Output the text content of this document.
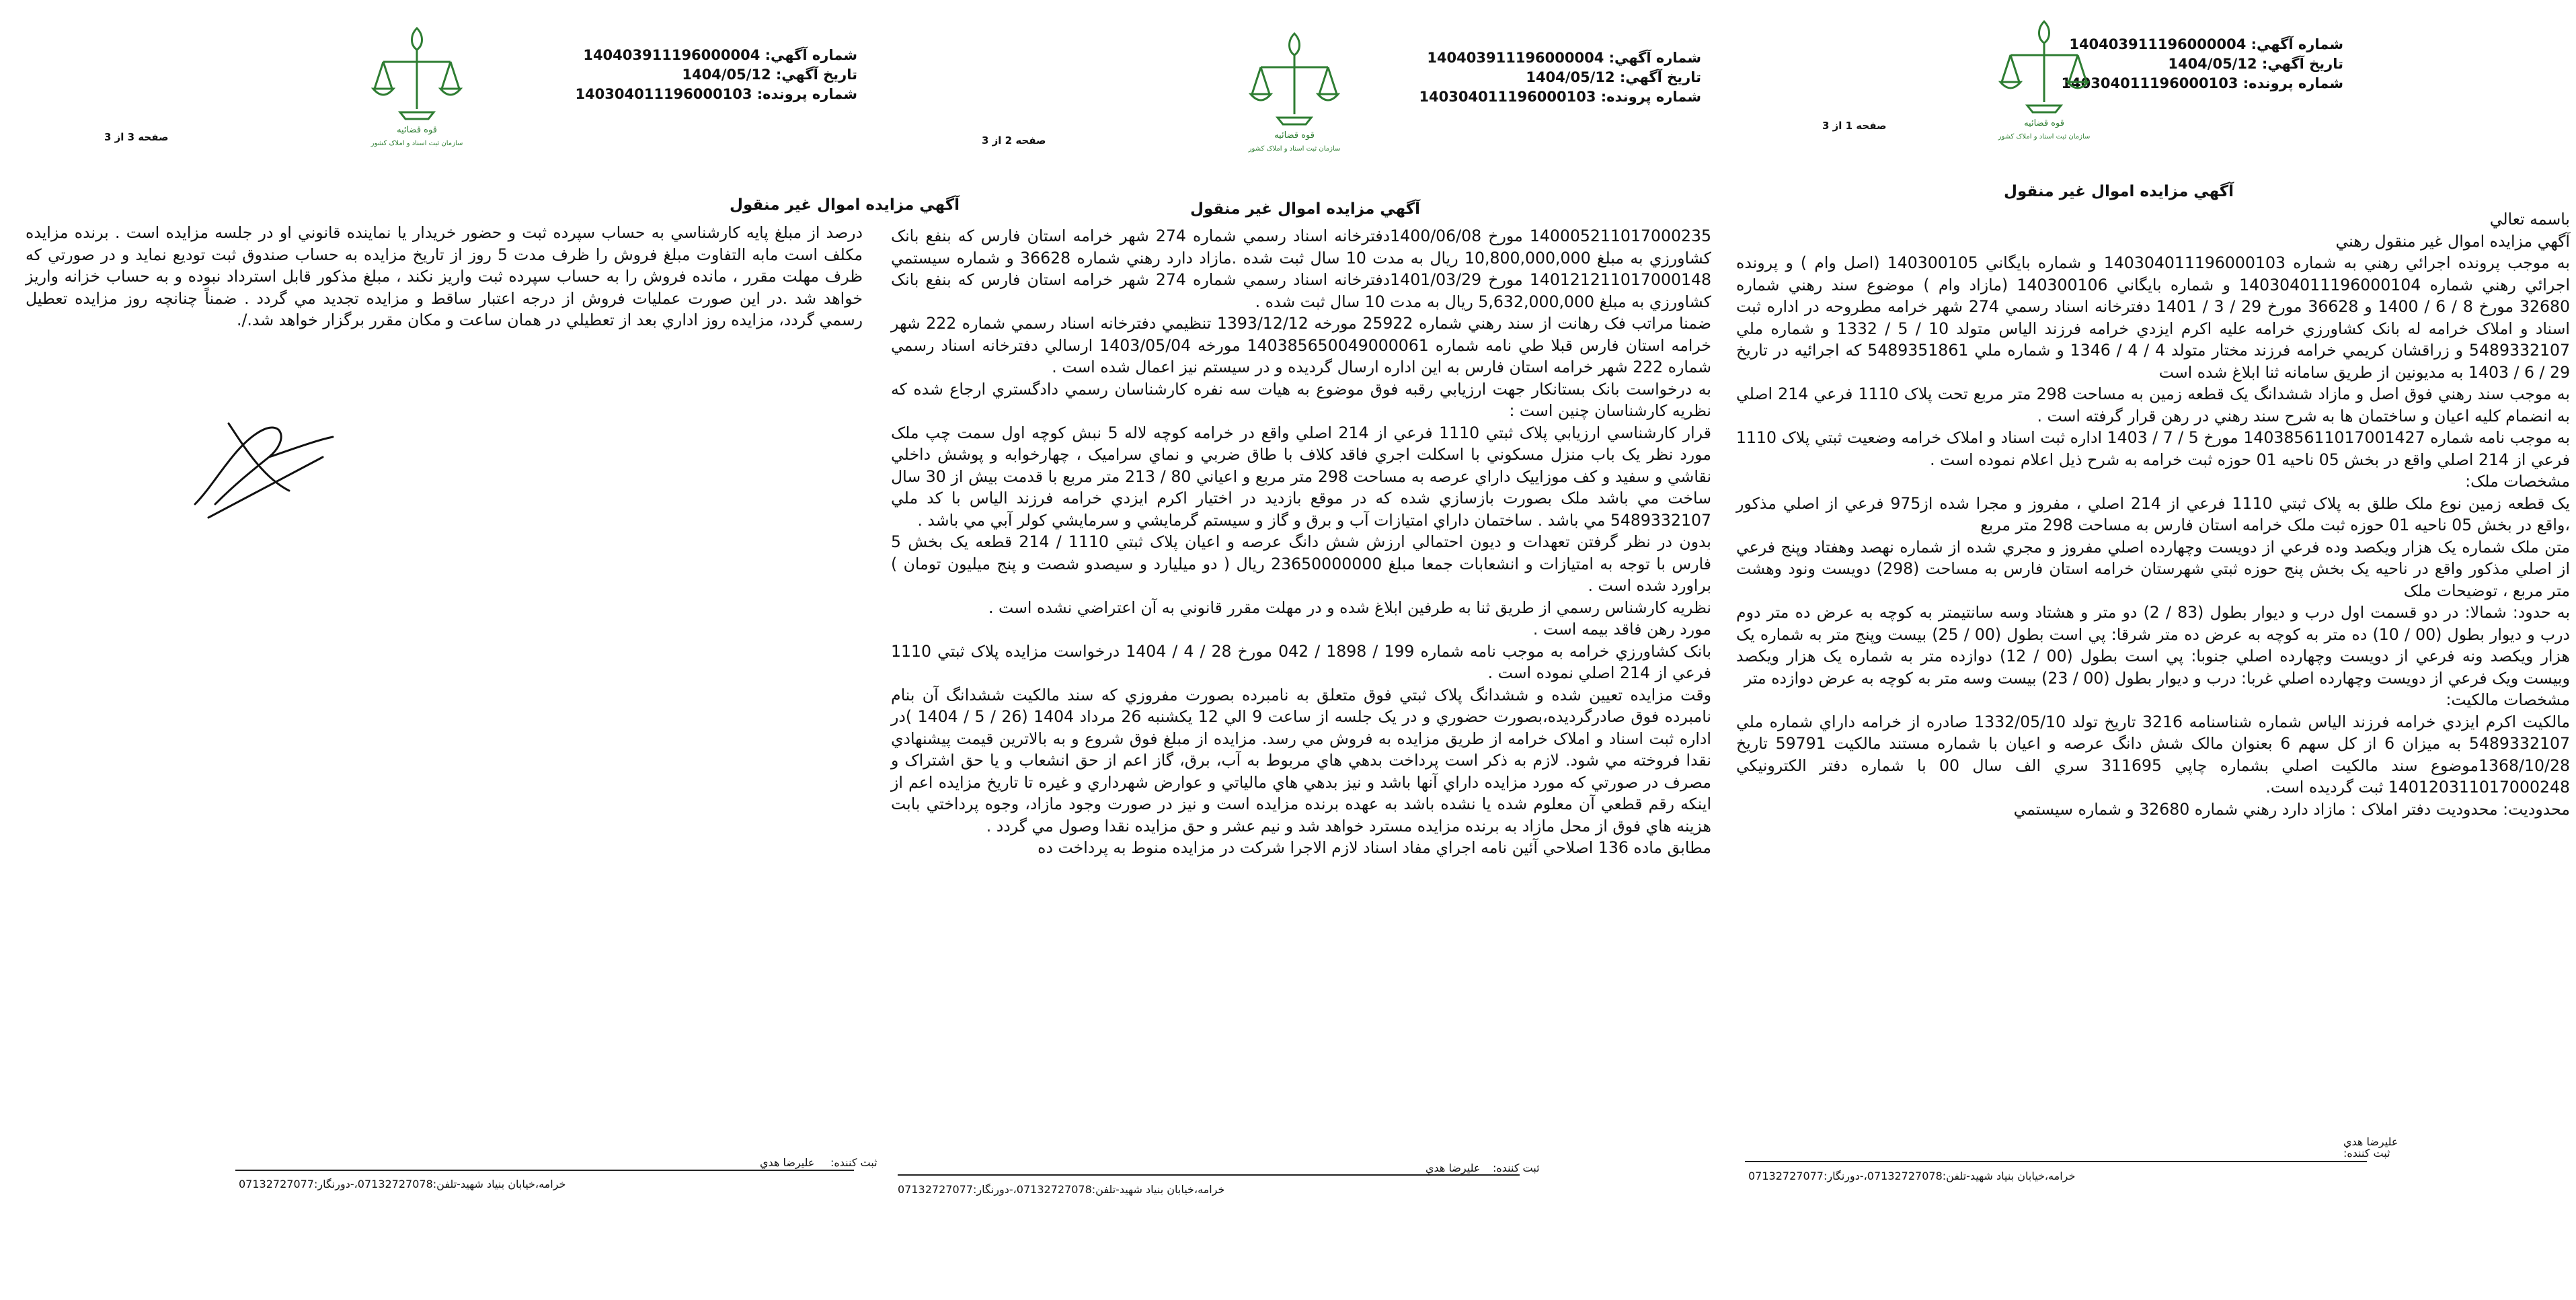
شماره آگهي: 140403911196000004
تاريخ آگهي: 1404/05/12
شماره پرونده: 140304011196000103
قوه قضائيه
سازمان ثبت اسناد و املاک کشور
صفحه 1 از 3
آگهي مزايده اموال غير منقول

باسمه تعالي

آگهي مزايده اموال غير منقول رهني

به موجب پرونده اجرائي رهني به شماره 140304011196000103 و شماره بايگاني 140300105 (اصل وام ) و پرونده اجرائي رهني شماره 140304011196000104 و شماره بايگاني 140300106 (مازاد وام ) موضوع سند رهني شماره 32680 مورخ 8 / 6 / 1400 و 36628 مورخ 29 / 3 / 1401 دفترخانه اسناد رسمي 274 شهر خرامه مطروحه در اداره ثبت اسناد و املاک خرامه له بانک کشاورزي خرامه عليه اکرم ايزدي خرامه فرزند الياس متولد 10 / 5 / 1332 و شماره ملي 5489332107 و زراقشان کريمي خرامه فرزند مختار متولد 4 / 4 / 1346 و شماره ملي 5489351861 که اجرائيه در تاريخ 29 / 6 / 1403 به مديونين از طريق سامانه ثنا ابلاغ شده است

به موجب سند رهني فوق اصل و مازاد ششدانگ يک قطعه زمين به مساحت 298 متر مربع تحت پلاک 1110 فرعي 214 اصلي به انضمام کليه اعيان و ساختمان ها به شرح سند رهني در رهن قرار گرفته است .

به موجب نامه شماره 140385611017001427 مورخ 5 / 7 / 1403 اداره ثبت اسناد و املاک خرامه وضعيت ثبتي پلاک 1110 فرعي از 214 اصلي واقع در بخش 05 ناحيه 01 حوزه ثبت خرامه به شرح ذيل اعلام نموده است .

مشخصات ملک:

يک قطعه زمين نوع ملک طلق به پلاک ثبتي 1110 فرعي از 214 اصلي ، مفروز و مجرا شده از975 فرعي از اصلي مذکور ،واقع در بخش 05 ناحيه 01 حوزه ثبت ملک خرامه استان فارس به مساحت 298 متر مربع

متن ملک شماره يک هزار ويکصد وده فرعي از دويست وچهارده اصلي مفروز و مجري شده از شماره نهصد وهفتاد وپنج فرعي از اصلي مذکور واقع در ناحيه يک بخش پنج حوزه ثبتي شهرستان خرامه استان فارس به مساحت (298) دويست ونود وهشت متر مربع ، توضيحات ملک

به حدود: شمالا: در دو قسمت اول درب و ديوار بطول (83 / 2) دو متر و هشتاد وسه سانتيمتر به کوچه به عرض ده متر دوم درب و ديوار بطول (00 / 10) ده متر به کوچه به عرض ده متر شرقا: پي است بطول (00 / 25) بيست وپنج متر به شماره يک هزار ويکصد ونه فرعي از دويست وچهارده اصلي جنوبا: پي است بطول (00 / 12) دوازده متر به شماره يک هزار ويکصد وبيست ويک فرعي از دويست وچهارده اصلي غربا: درب و ديوار بطول (00 / 23) بيست وسه متر به کوچه به عرض دوازده متر

مشخصات مالکيت:

مالکيت اکرم ايزدي خرامه فرزند الياس شماره شناسنامه 3216 تاريخ تولد 1332/05/10 صادره از خرامه داراي شماره ملي 5489332107 به ميزان 6 از کل سهم 6 بعنوان مالک شش دانگ عرصه و اعيان با شماره مستند مالکيت 59791 تاريخ 1368/10/28موضوع سند مالکيت اصلي بشماره چاپي 311695 سري الف سال 00 با شماره دفتر الکترونيکي 140120311017000248 ثبت گرديده است.

محدوديت: محدوديت دفتر املاک : مازاد دارد رهني شماره 32680 و شماره سيستمي

ثبت کننده:
عليرضا هدي
خرامه،خيابان بنياد شهيد-تلفن:07132727078،-دورنگار:07132727077
شماره آگهي: 140403911196000004
تاريخ آگهي: 1404/05/12
شماره پرونده: 140304011196000103
قوه قضائيه
سازمان ثبت اسناد و املاک کشور
صفحه 2 از 3
آگهي مزايده اموال غير منقول

140005211017000235 مورخ 1400/06/08دفترخانه اسناد رسمي شماره 274 شهر خرامه استان فارس که بنفع بانک کشاورزي به مبلغ 10,800,000,000 ريال به مدت 10 سال ثبت شده .مازاد دارد رهني شماره 36628 و شماره سيستمي 140121211017000148 مورخ 1401/03/29دفترخانه اسناد رسمي شماره 274 شهر خرامه استان فارس که بنفع بانک کشاورزي به مبلغ 5,632,000,000 ريال به مدت 10 سال ثبت شده .

ضمنا مراتب فک رهانت از سند رهني شماره 25922 مورخه 1393/12/12 تنظيمي دفترخانه اسناد رسمي شماره 222 شهر خرامه استان فارس قبلا طي نامه شماره 140385650049000061 مورخه 1403/05/04 ارسالي دفترخانه اسناد رسمي شماره 222 شهر خرامه استان فارس به اين اداره ارسال گرديده و در سيستم نيز اعمال شده است .

به درخواست بانک بستانکار جهت ارزيابي رقبه فوق موضوع به هيات سه نفره کارشناسان رسمي دادگستري ارجاع شده که نظريه کارشناسان چنين است :

قرار کارشناسي ارزيابي پلاک ثبتي 1110 فرعي از 214 اصلي واقع در خرامه کوچه لاله 5 نبش کوچه اول سمت چپ ملک مورد نظر يک باب منزل مسکوني با اسکلت اجري فاقد کلاف با طاق ضربي و نماي سراميک ، چهارخوابه و پوشش داخلي نقاشي و سفيد و کف موزاييک داراي عرصه به مساحت 298 متر مربع و اعياني 80 / 213 متر مربع با قدمت بيش از 30 سال ساخت مي باشد ملک بصورت بازسازي شده که در موقع بازديد در اختيار اکرم ايزدي خرامه فرزند الياس با کد ملي 5489332107 مي باشد . ساختمان داراي امتيازات آب و برق و گاز و سيستم گرمايشي و سرمايشي کولر آبي مي باشد .

بدون در نظر گرفتن تعهدات و ديون احتمالي ارزش شش دانگ عرصه و اعيان پلاک ثبتي 1110 / 214 قطعه يک بخش 5 فارس با توجه به امتيازات و انشعابات جمعا مبلغ 23650000000 ريال ( دو ميليارد و سيصدو شصت و پنج ميليون تومان ) براورد شده است .

نظريه کارشناس رسمي از طريق ثنا به طرفين ابلاغ شده و در مهلت مقرر قانوني به آن اعتراضي نشده است .

مورد رهن فاقد بيمه است .

بانک کشاورزي خرامه به موجب نامه شماره 199 / 1898 / 042 مورخ 28 / 4 / 1404 درخواست مزايده پلاک ثبتي 1110 فرعي از 214 اصلي نموده است .

وقت مزايده تعيين شده و ششدانگ پلاک ثبتي فوق متعلق به نامبرده بصورت مفروزي که سند مالکيت ششدانگ آن بنام نامبرده فوق صادرگرديده،بصورت حضوري و در يک جلسه از ساعت 9 الي 12 يکشنبه 26 مرداد 1404 (26 / 5 / 1404 )در اداره ثبت اسناد و املاک خرامه از طريق مزايده به فروش مي رسد. مزايده از مبلغ فوق شروع و به بالاترين قيمت پيشنهادي نقدا فروخته مي شود. لازم به ذکر است پرداخت بدهي هاي مربوط به آب، برق، گاز اعم از حق انشعاب و يا حق اشتراک و مصرف در صورتي که مورد مزايده داراي آنها باشد و نيز بدهي هاي مالياتي و عوارض شهرداري و غيره تا تاريخ مزايده اعم از اينکه رقم قطعي آن معلوم شده يا نشده باشد به عهده برنده مزايده است و نيز در صورت وجود مازاد، وجوه پرداختي بابت هزينه هاي فوق از محل مازاد به برنده مزايده مسترد خواهد شد و نيم عشر و حق مزايده نقدا وصول مي گردد .

مطابق ماده 136 اصلاحي آئين نامه اجراي مفاد اسناد لازم الاجرا شرکت در مزايده منوط به پرداخت ده

ثبت کننده:
عليرضا هدي
خرامه،خيابان بنياد شهيد-تلفن:07132727078،-دورنگار:07132727077
شماره آگهي: 140403911196000004
تاريخ آگهي: 1404/05/12
شماره پرونده: 140304011196000103
قوه قضائيه
سازمان ثبت اسناد و املاک کشور
صفحه 3 از 3
آگهي مزايده اموال غير منقول

درصد از مبلغ پايه کارشناسي به حساب سپرده ثبت و حضور خريدار يا نماينده قانوني او در جلسه مزايده است . برنده مزايده مکلف است مابه التفاوت مبلغ فروش را ظرف مدت 5 روز از تاريخ مزايده به حساب صندوق ثبت توديع نمايد و در صورتي که ظرف مهلت مقرر ، مانده فروش را به حساب سپرده ثبت واريز نکند ، مبلغ مذکور قابل استرداد نبوده و به حساب خزانه واريز خواهد شد .در اين صورت عمليات فروش از درجه اعتبار ساقط و مزايده تجديد مي گردد . ضمناً چنانچه روز مزايده تعطيل رسمي گردد، مزايده روز اداري بعد از تعطيلي در همان ساعت و مكان مقرر برگزار خواهد شد./.

ثبت کننده:
عليرضا هدي
خرامه،خيابان بنياد شهيد-تلفن:07132727078،-دورنگار:07132727077
